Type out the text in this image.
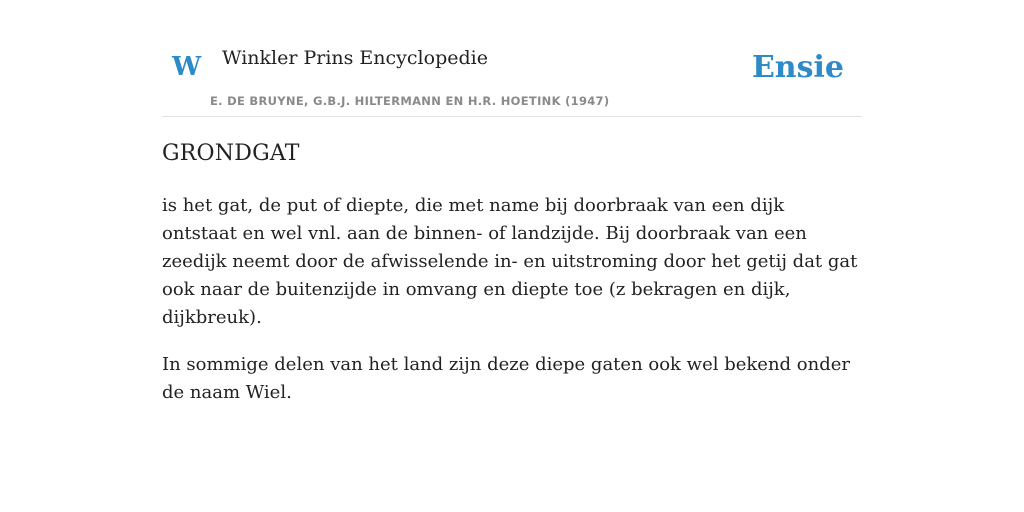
W Winkler Prins Encyclopedie
E. DE BRUYNE, G.B.J. HILTERMANN EN H.R. HOETINK (1947)
Ensie
GRONDGAT

is het gat, de put of diepte, die met name bij doorbraak van een dijk ontstaat en wel vnl. aan de binnen- of landzijde. Bij doorbraak van een zeedijk neemt door de afwisselende in- en uitstroming door het getij dat gat ook naar de buitenzijde in omvang en diepte toe (z bekragen en dijk, dijkbreuk).

In sommige delen van het land zijn deze diepe gaten ook wel bekend onder de naam Wiel.
